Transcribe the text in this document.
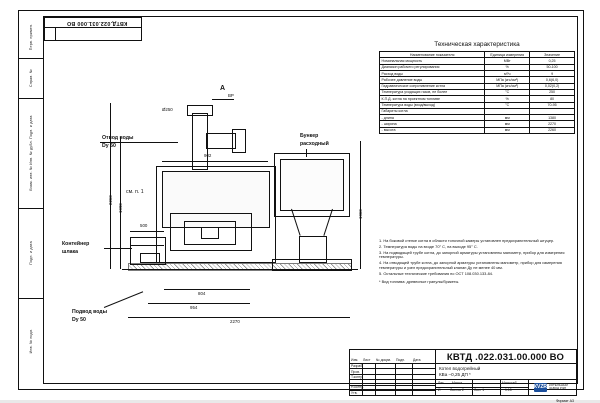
Перв. примен.
Справ. №
Взам. инв. № Инв. № дубл. Подп. и дата
Подп. и дата
Инв. № подл.
КВТД.022.031.000 ВО
902
500
804
954
2270
1990
2260
1960
Ø250
А
ВР
Отвод воды
Dy 50
Бункер
расходный
Контейнер
шлака
Подвод воды
Dy 50
см. п. 1
Техническая характеристика
Наименование показателя	Единица измерения	Значение
Номинальная мощность	МВт	0,25
Диапазон рабочего регулирования	%	50-100
Расход воды	м³/ч	9
Рабочее давление воды	МПа (кгс/см²)	0,6(6,0)
Гидравлическое сопротивление котла	МПа (кгс/см²)	0,02(0,2)
Температура уходящих газов, не более	°С	250
К.П.Д. котла на проектном топливе	%	80
Температура воды (вход/выход)	°С	70-95
Габариты котла		
- длина	мм	1380
- ширина	мм	2270
- высота	мм	2260

1. На боковой стенке котла в области топочной камеры установлен предохранительный штуцер.

2. Температура воды на входе 70° С, на выходе 95° С.

3. На подводящей трубе котла, до запорной арматуры установлены манометр, прибор для измерения температуры.

4. На отводящей трубе котла, до запорной арматуры установлены манометр, прибор для измерения температуры и узел предохранительный клапан Ду не менее 40 мм.

5. Остальные технические требования по ОСТ 108.030.133-84.

* Вид топлива: древесные гранулы/брикеты.

КВТД .022.031.00.000 ВО
Котел водогрейный
КВа –0,25 ДП *
Изм. Лист № докум. Подп. Дата
Разраб.
Пров.
Т.контр.
Н.контр.
Утв.
Лит. Масса	Масштаб
И	1:15
Лист 1
Листов 2	КVZR КОТЕЛЬНЫЙ
ЗАВОД РЭП
Формат А3
